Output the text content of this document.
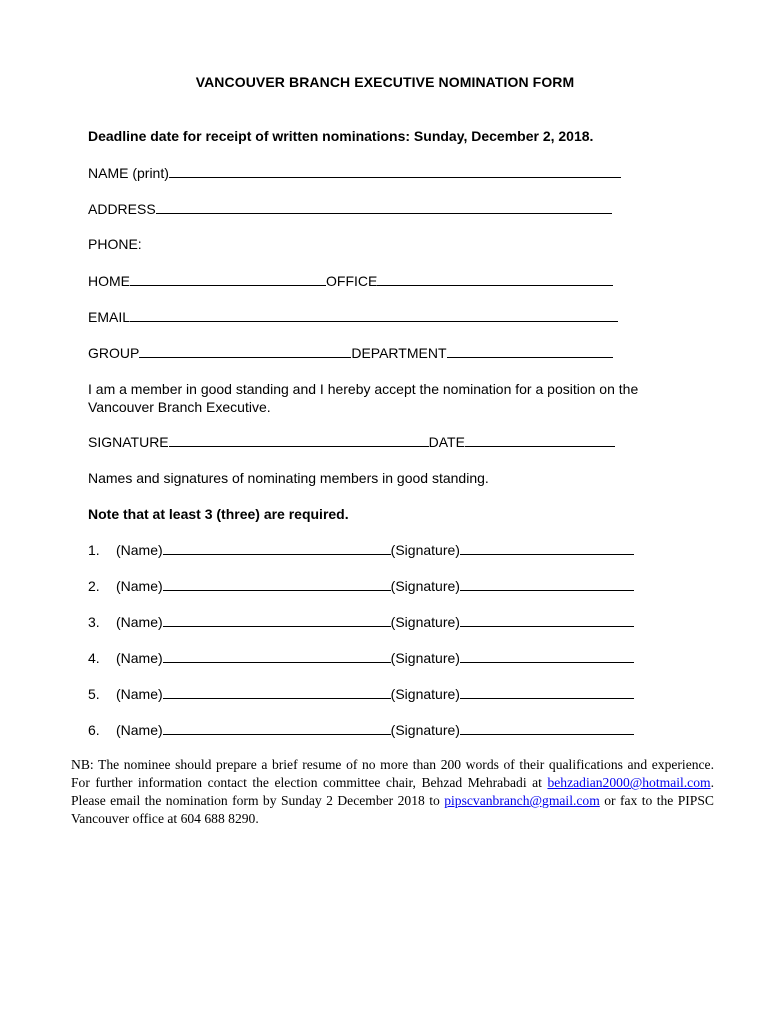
VANCOUVER BRANCH EXECUTIVE NOMINATION FORM
Deadline date for receipt of written nominations: Sunday, December 2, 2018.
NAME (print)
ADDRESS
PHONE:
HOME	OFFICE
EMAIL
GROUP	DEPARTMENT
I am a member in good standing and I hereby accept the nomination for a position on the Vancouver Branch Executive.
SIGNATURE	DATE
Names and signatures of nominating members in good standing.
Note that at least 3 (three) are required.
1. (Name)	(Signature)
2. (Name)	(Signature)
3. (Name)	(Signature)
4. (Name)	(Signature)
5. (Name)	(Signature)
6. (Name)	(Signature)
NB: The nominee should prepare a brief resume of no more than 200 words of their qualifications and experience. For further information contact the election committee chair, Behzad Mehrabadi at behzadian2000@hotmail.com. Please email the nomination form by Sunday 2 December 2018 to pipscvanbranch@gmail.com or fax to the PIPSC Vancouver office at 604 688 8290.
